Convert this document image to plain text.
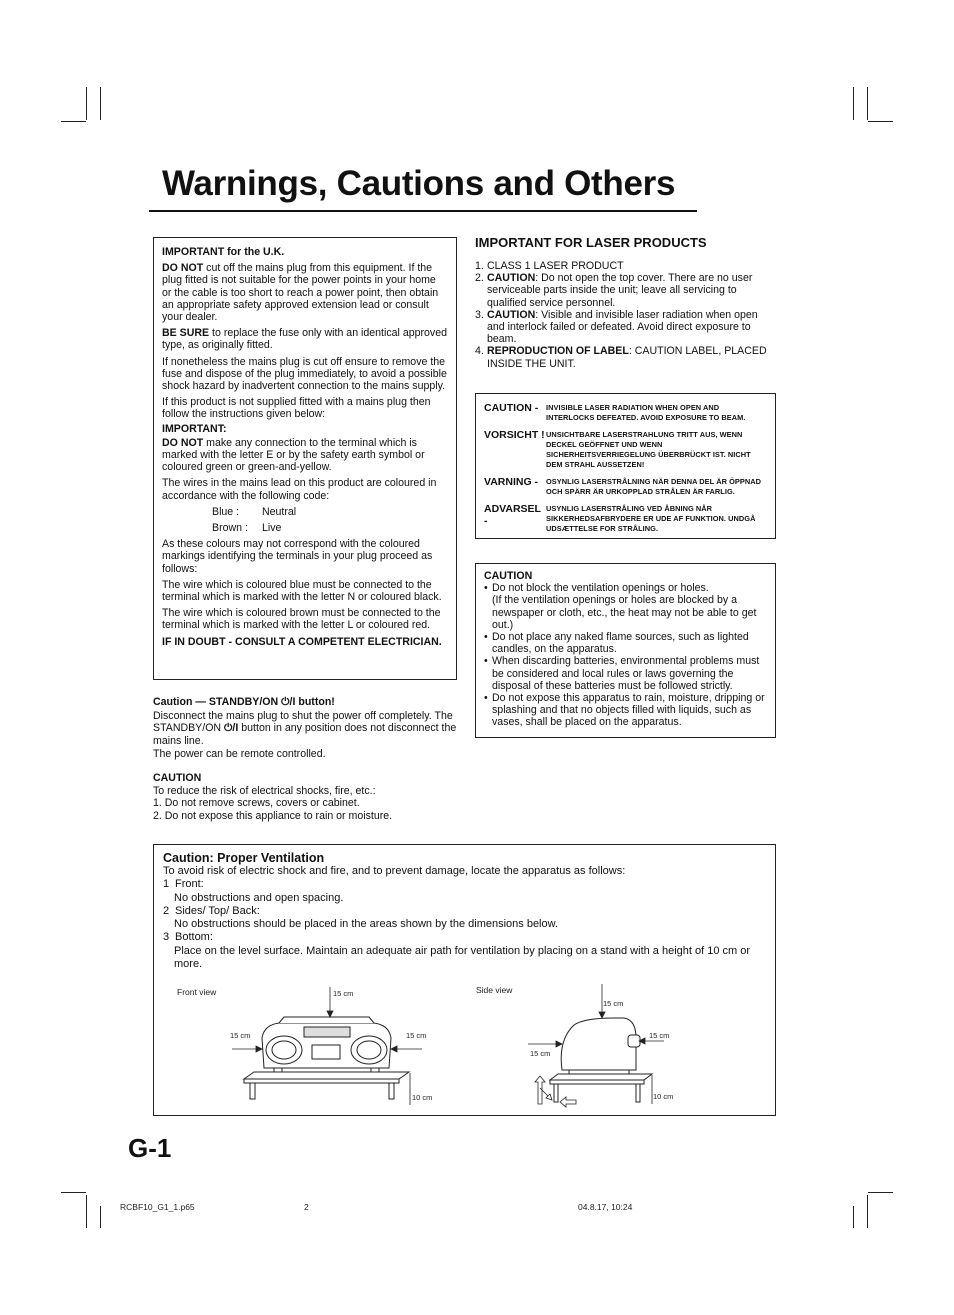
Warnings, Cautions and Others

IMPORTANT for the U.K.

DO NOT cut off the mains plug from this equipment. If the plug fitted is not suitable for the power points in your home or the cable is too short to reach a power point, then obtain an appropriate safety approved extension lead or consult your dealer.

BE SURE to replace the fuse only with an identical approved type, as originally fitted.

If nonetheless the mains plug is cut off ensure to remove the fuse and dispose of the plug immediately, to avoid a possible shock hazard by inadvertent connection to the mains supply.

If this product is not supplied fitted with a mains plug then follow the instructions given below:

IMPORTANT:

DO NOT make any connection to the terminal which is marked with the letter E or by the safety earth symbol or coloured green or green-and-yellow.

The wires in the mains lead on this product are coloured in accordance with the following code:

Blue :	Neutral
Brown :	Live

As these colours may not correspond with the coloured markings identifying the terminals in your plug proceed as follows:

The wire which is coloured blue must be connected to the terminal which is marked with the letter N or coloured black.

The wire which is coloured brown must be connected to the terminal which is marked with the letter L or coloured red.

IF IN DOUBT - CONSULT A COMPETENT ELECTRICIAN.

Caution — STANDBY/ON ⏻/I button!

Disconnect the mains plug to shut the power off completely. The STANDBY/ON ⏻/I button in any position does not disconnect the mains line.

The power can be remote controlled.

CAUTION

To reduce the risk of electrical shocks, fire, etc.:
1. Do not remove screws, covers or cabinet.
2. Do not expose this appliance to rain or moisture.
IMPORTANT FOR LASER PRODUCTS
1. CLASS 1 LASER PRODUCT
2. CAUTION: Do not open the top cover. There are no user serviceable parts inside the unit; leave all servicing to qualified service personnel.
3. CAUTION: Visible and invisible laser radiation when open and interlock failed or defeated. Avoid direct exposure to beam.
4. REPRODUCTION OF LABEL: CAUTION LABEL, PLACED INSIDE THE UNIT.
CAUTION -	INVISIBLE LASER RADIATION WHEN OPEN AND INTERLOCKS DEFEATED. AVOID EXPOSURE TO BEAM.
VORSICHT ! UNSICHTBARE LASERSTRAHLUNG TRITT AUS, WENN DECKEL GEÖFFNET UND WENN SICHERHEITSVERRIEGELUNG ÜBERBRÜCKT IST. NICHT DEM STRAHL AUSSETZEN!
VARNING -	OSYNLIG LASERSTRÅLNING NÄR DENNA DEL ÄR ÖPPNAD OCH SPÄRR ÄR URKOPPLAD STRÅLEN ÄR FARLIG.
ADVARSEL -
USYNLIG LASERSTRÅLING VED ÅBNING NÅR SIKKERHEDSAFBRYDERE ER UDE AF FUNKTION. UNDGÅ UDSÆTTELSE FOR STRÅLING.

CAUTION

• Do not block the ventilation openings or holes.
(If the ventilation openings or holes are blocked by a newspaper or cloth, etc., the heat may not be able to get out.)
• Do not place any naked flame sources, such as lighted candles, on the apparatus.
• When discarding batteries, environmental problems must be considered and local rules or laws governing the disposal of these batteries must be followed strictly.
• Do not expose this apparatus to rain, moisture, dripping or splashing and that no objects filled with liquids, such as vases, shall be placed on the apparatus.
Caution: Proper Ventilation
To avoid risk of electric shock and fire, and to prevent damage, locate the apparatus as follows:
1 Front:
No obstructions and open spacing.
2 Sides/ Top/ Back:
No obstructions should be placed in the areas shown by the dimensions below.
3 Bottom:
Place on the level surface. Maintain an adequate air path for ventilation by placing on a stand with a height of 10 cm or more.
Front view	15 cm
15 cm	15 cm
10 cm
Side view
15 cm
15 cm
15 cm
10 cm
G-1
RCBF10_G1_1.p65	2	04.8.17, 10:24
